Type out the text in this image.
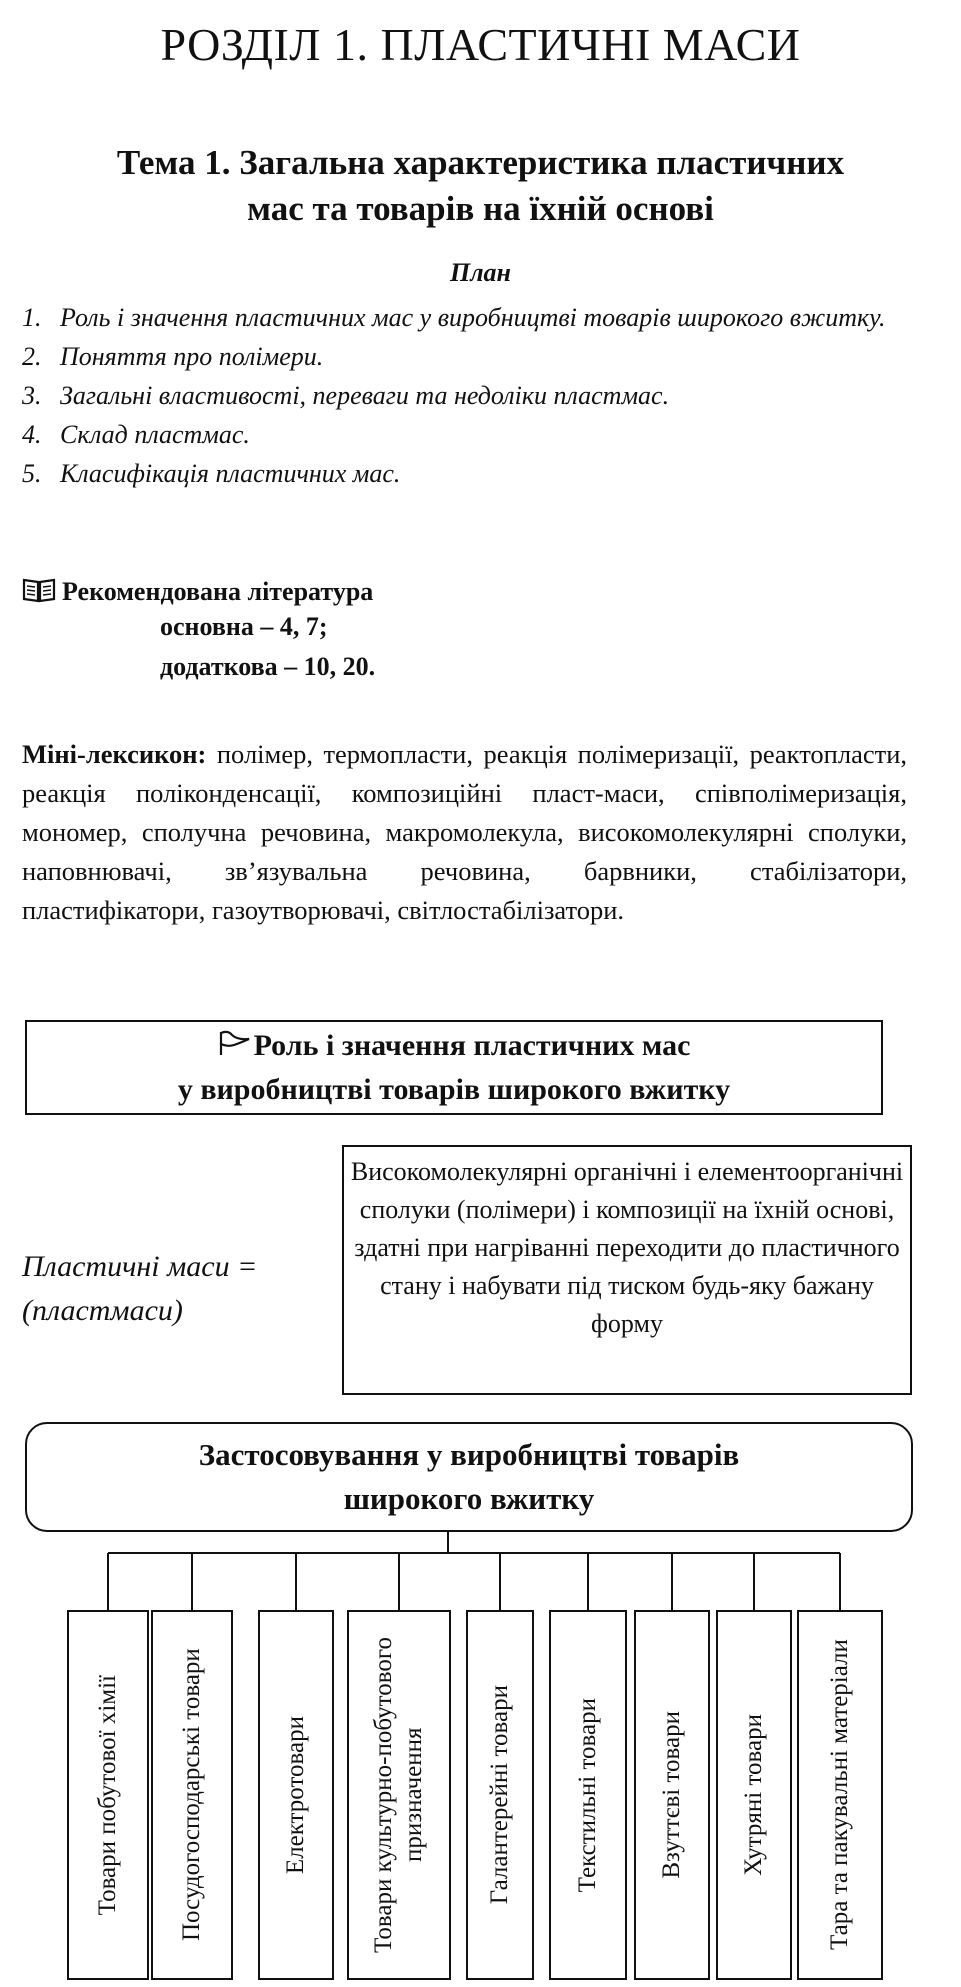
РОЗДІЛ 1. ПЛАСТИЧНІ МАСИ
Тема 1. Загальна характеристика пластичних
мас та товарів на їхній основі
План
1. Роль і значення пластичних мас у виробництві товарів широкого вжитку.
2. Поняття про полімери.
3. Загальні властивості, переваги та недоліки пластмас.
4. Склад пластмас.
5. Класифікація пластичних мас.
Рекомендована література
основна – 4, 7;
додаткова – 10, 20.
Міні-лексикон: полімер, термопласти, реакція полімеризації, реактопласти, реакція поліконденсації, композиційні пласт-маси, співполімеризація, мономер, сполучна речовина, макромолекула, високомолекулярні сполуки, наповнювачі, зв’язувальна речовина, барвники, стабілізатори, пластифікатори, газоутворювачі, світлостабілізатори.
Роль і значення пластичних мас
у виробництві товарів широкого вжитку
Пластичні маси =
(пластмаси)
Високомолекулярні органічні і елементоорганічні сполуки (полімери) і композиції на їхній основі, здатні при нагріванні переходити до пластичного стану і набувати під тиском будь-яку бажану форму
Застосовування у виробництві товарів
широкого вжитку
Товари побутової хімії Посудогосподарські товари	Електротовари Товари культурно-побутового призначення Галантерейні товари Текстильні товари Взуттєві товари Хутряні товари Тара та пакувальні матеріали
